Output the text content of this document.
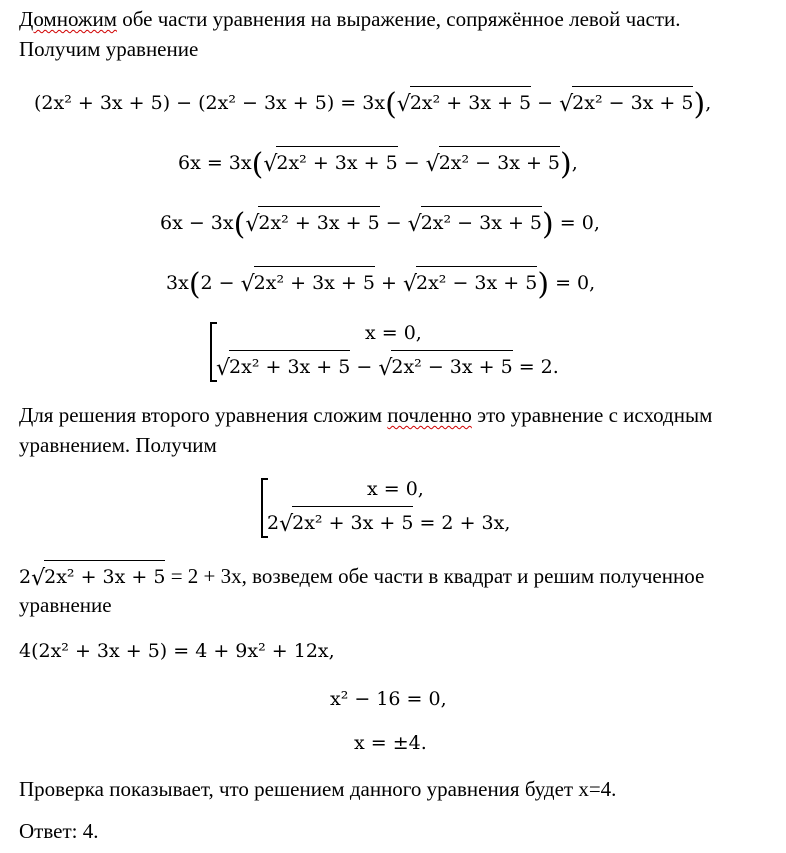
Домножим обе части уравнения на выражение, сопряжённое левой части.
Получим уравнение
(2x² + 3x + 5) − (2x² − 3x + 5) = 3x(√2x² + 3x + 5 − √2x² − 3x + 5),
6x = 3x(√2x² + 3x + 5 − √2x² − 3x + 5),
6x − 3x(√2x² + 3x + 5 − √2x² − 3x + 5) = 0,
3x(2 − √2x² + 3x + 5 + √2x² − 3x + 5) = 0,
x = 0,
√2x² + 3x + 5 − √2x² − 3x + 5 = 2.
Для решения второго уравнения сложим почленно это уравнение с исходным
уравнением. Получим
x = 0,
2√2x² + 3x + 5 = 2 + 3x,
2√2x² + 3x + 5 = 2 + 3x, возведем обе части в квадрат и решим полученное
уравнение
4(2x² + 3x + 5) = 4 + 9x² + 12x,
x² − 16 = 0,
x = ±4.
Проверка показывает, что решением данного уравнения будет x=4.
Ответ: 4.
